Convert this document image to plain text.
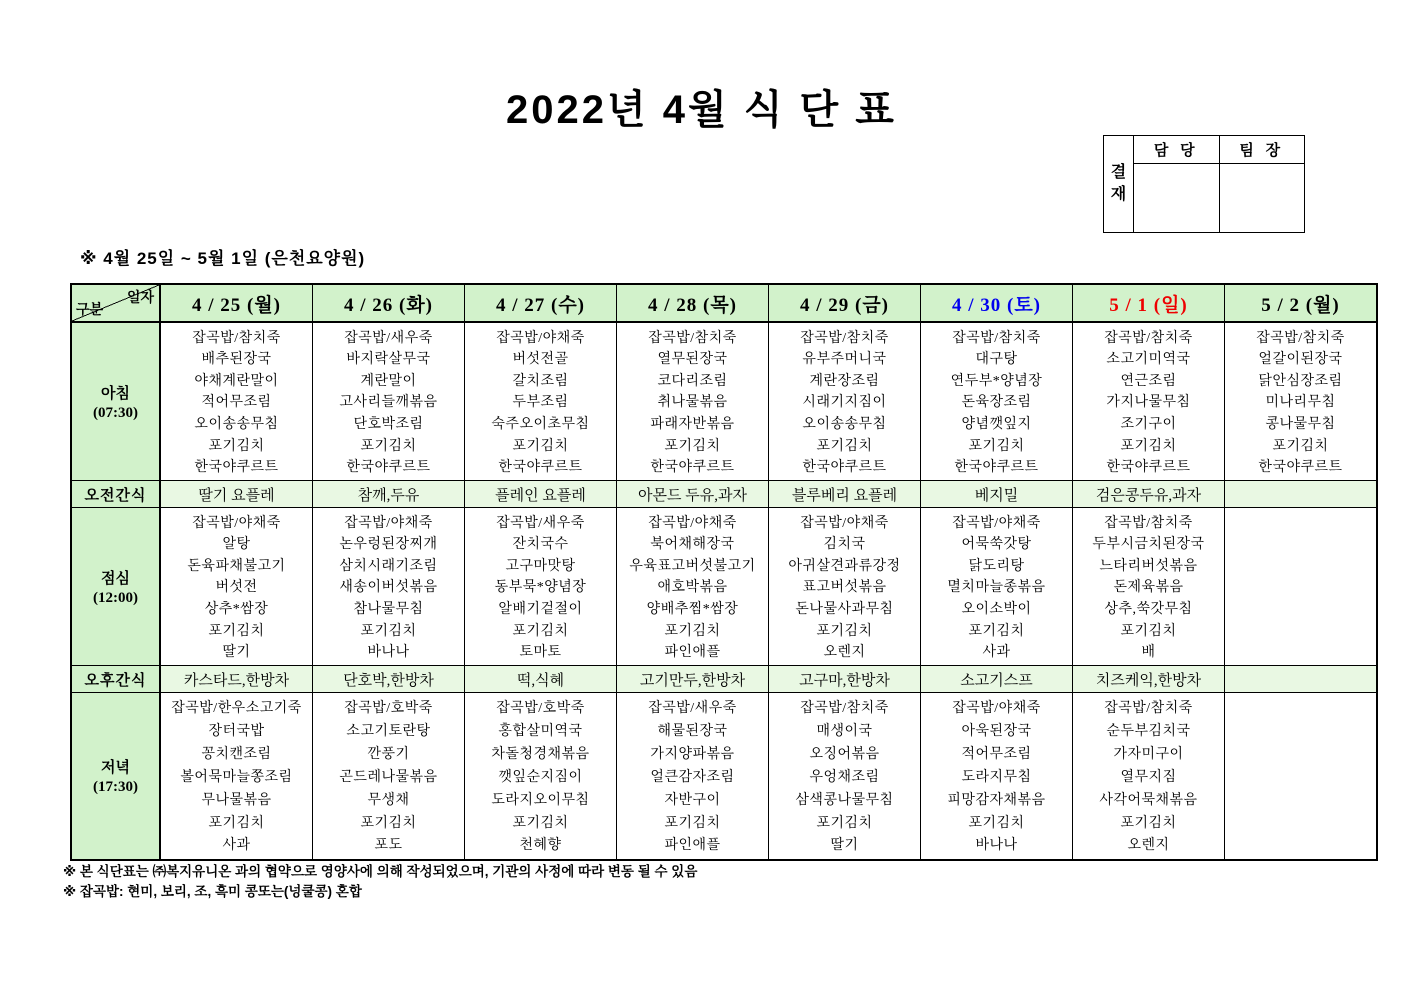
2022년 4월 식 단 표
결재
담 당	팀 장
※ 4월 25일 ~ 5월 1일 (은천요양원)
일자
구분
아침
(07:30)
오전간식
점심
(12:00)
오후간식
저녁
(17:30)
4 / 25 (월)
잡곡밥/참치죽
배추된장국
야채계란말이
적어무조림
오이송송무침
포기김치
한국야쿠르트
딸기 요플레
잡곡밥/야채죽
알탕
돈육파채불고기
버섯전
상추*쌈장
포기김치
딸기
카스타드,한방차
잡곡밥/한우소고기죽
장터국밥
꽁치캔조림
볼어묵마늘쫑조림
무나물볶음
포기김치
사과
4 / 26 (화)
잡곡밥/새우죽
바지락살무국
계란말이
고사리들깨볶음
단호박조림
포기김치
한국야쿠르트
참깨,두유
잡곡밥/야채죽
논우렁된장찌개
삼치시래기조림
새송이버섯볶음
참나물무침
포기김치
바나나
단호박,한방차
잡곡밥/호박죽
소고기토란탕
깐풍기
곤드레나물볶음
무생채
포기김치
포도
4 / 27 (수)
잡곡밥/야채죽
버섯전골
갈치조림
두부조림
숙주오이초무침
포기김치
한국야쿠르트
플레인 요플레
잡곡밥/새우죽
잔치국수
고구마맛탕
동부묵*양념장
알배기겉절이
포기김치
토마토
떡,식혜
잡곡밥/호박죽
홍합살미역국
차돌청경채볶음
깻잎순지짐이
도라지오이무침
포기김치
천혜향
4 / 28 (목)
잡곡밥/참치죽
열무된장국
코다리조림
취나물볶음
파래자반볶음
포기김치
한국야쿠르트
아몬드 두유,과자
잡곡밥/야채죽
북어채해장국
우육표고버섯불고기
애호박볶음
양배추찜*쌈장
포기김치
파인애플
고기만두,한방차
잡곡밥/새우죽
해물된장국
가지양파볶음
얼큰감자조림
자반구이
포기김치
파인애플
4 / 29 (금)
잡곡밥/참치죽
유부주머니국
계란장조림
시래기지짐이
오이송송무침
포기김치
한국야쿠르트
블루베리 요플레
잡곡밥/야채죽
김치국
아귀살견과류강정
표고버섯볶음
돈나물사과무침
포기김치
오렌지
고구마,한방차
잡곡밥/참치죽
매생이국
오징어볶음
우엉채조림
삼색콩나물무침
포기김치
딸기
4 / 30 (토)
잡곡밥/참치죽
대구탕
연두부*양념장
돈육장조림
양념깻잎지
포기김치
한국야쿠르트
베지밀
잡곡밥/야채죽
어묵쑥갓탕
닭도리탕
멸치마늘종볶음
오이소박이
포기김치
사과
소고기스프
잡곡밥/야채죽
아욱된장국
적어무조림
도라지무침
피망감자채볶음
포기김치
바나나
5 / 1 (일)
잡곡밥/참치죽
소고기미역국
연근조림
가지나물무침
조기구이
포기김치
한국야쿠르트
검은콩두유,과자
잡곡밥/참치죽
두부시금치된장국
느타리버섯볶음
돈제육볶음
상추,쑥갓무침
포기김치
배
치즈케익,한방차
잡곡밥/참치죽
순두부김치국
가자미구이
열무지짐
사각어묵채볶음
포기김치
오렌지
5 / 2 (월)
잡곡밥/참치죽
얼갈이된장국
닭안심장조림
미나리무침
콩나물무침
포기김치
한국야쿠르트
※ 본 식단표는 ㈜복지유니온 과의 협약으로 영양사에 의해 작성되었으며, 기관의 사정에 따라 변동 될 수 있음
※ 잡곡밥: 현미, 보리, 조, 흑미 콩또는(넝쿨콩) 혼합
